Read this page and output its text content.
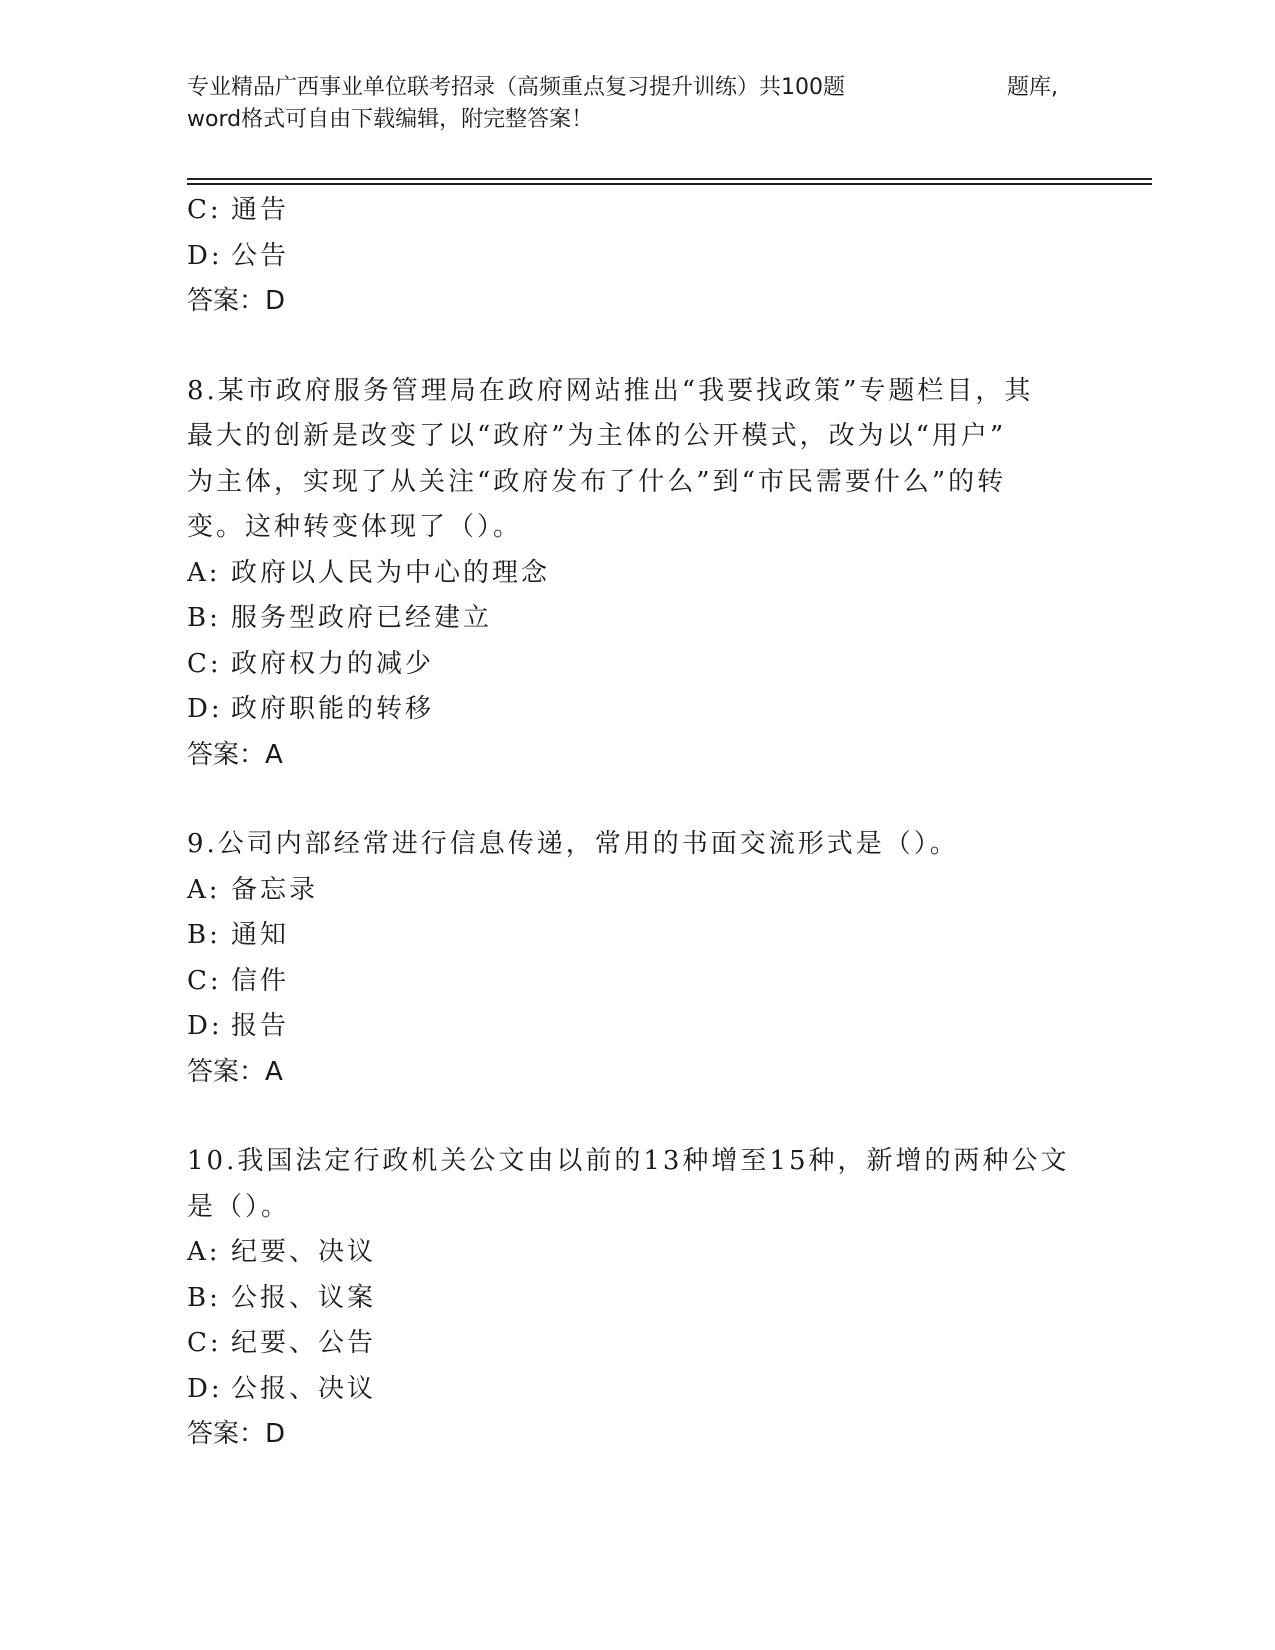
专业精品广西事业单位联考招录（高频重点复习提升训练）共100题	题库,
word格式可自由下载编辑，附完整答案！
C: 通告
D: 公告
答案：D
8.某市政府服务管理局在政府网站推出“我要找政策”专题栏目，其
最大的创新是改变了以“政府”为主体的公开模式，改为以“用户”
为主体，实现了从关注“政府发布了什么”到“市民需要什么”的转
变。这种转变体现了（）。
A: 政府以人民为中心的理念
B: 服务型政府已经建立
C: 政府权力的减少
D: 政府职能的转移
答案：A
9.公司内部经常进行信息传递，常用的书面交流形式是（）。
A: 备忘录
B: 通知
C: 信件
D: 报告
答案：A
10.我国法定行政机关公文由以前的13种增至15种，新增的两种公文
是（）。
A: 纪要、决议
B: 公报、议案
C: 纪要、公告
D: 公报、决议
答案：D
